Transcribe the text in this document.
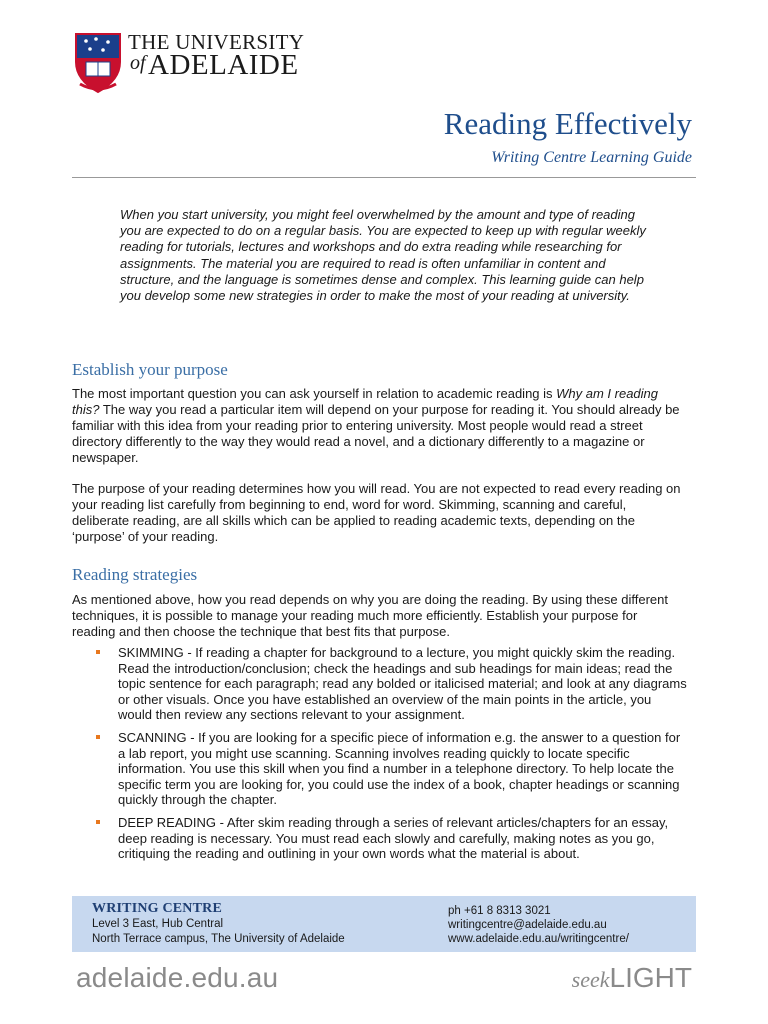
THE UNIVERSITY
of ADELAIDE
Reading Effectively
Writing Centre Learning Guide
When you start university, you might feel overwhelmed by the amount and type of reading you are expected to do on a regular basis. You are expected to keep up with regular weekly reading for tutorials, lectures and workshops and do extra reading while researching for assignments. The material you are required to read is often unfamiliar in content and structure, and the language is sometimes dense and complex. This learning guide can help you develop some new strategies in order to make the most of your reading at university.
Establish your purpose
The most important question you can ask yourself in relation to academic reading is Why am I reading this? The way you read a particular item will depend on your purpose for reading it. You should already be familiar with this idea from your reading prior to entering university. Most people would read a street directory differently to the way they would read a novel, and a dictionary differently to a magazine or newspaper.
The purpose of your reading determines how you will read. You are not expected to read every reading on your reading list carefully from beginning to end, word for word. Skimming, scanning and careful, deliberate reading, are all skills which can be applied to reading academic texts, depending on the ‘purpose’ of your reading.
Reading strategies
As mentioned above, how you read depends on why you are doing the reading. By using these different techniques, it is possible to manage your reading much more efficiently. Establish your purpose for reading and then choose the technique that best fits that purpose.
SKIMMING - If reading a chapter for background to a lecture, you might quickly skim the reading. Read the introduction/conclusion; check the headings and sub headings for main ideas; read the topic sentence for each paragraph; read any bolded or italicised material; and look at any diagrams or other visuals. Once you have established an overview of the main points in the article, you would then review any sections relevant to your assignment.
SCANNING - If you are looking for a specific piece of information e.g. the answer to a question for a lab report, you might use scanning. Scanning involves reading quickly to locate specific information. You use this skill when you find a number in a telephone directory. To help locate the specific term you are looking for, you could use the index of a book, chapter headings or scanning quickly through the chapter.
DEEP READING - After skim reading through a series of relevant articles/chapters for an essay, deep reading is necessary. You must read each slowly and carefully, making notes as you go, critiquing the reading and outlining in your own words what the material is about.
WRITING CENTRE
Level 3 East, Hub Central
North Terrace campus, The University of Adelaide
ph +61 8 8313 3021
writingcentre@adelaide.edu.au
www.adelaide.edu.au/writingcentre/
adelaide.edu.au	seekLIGHT
